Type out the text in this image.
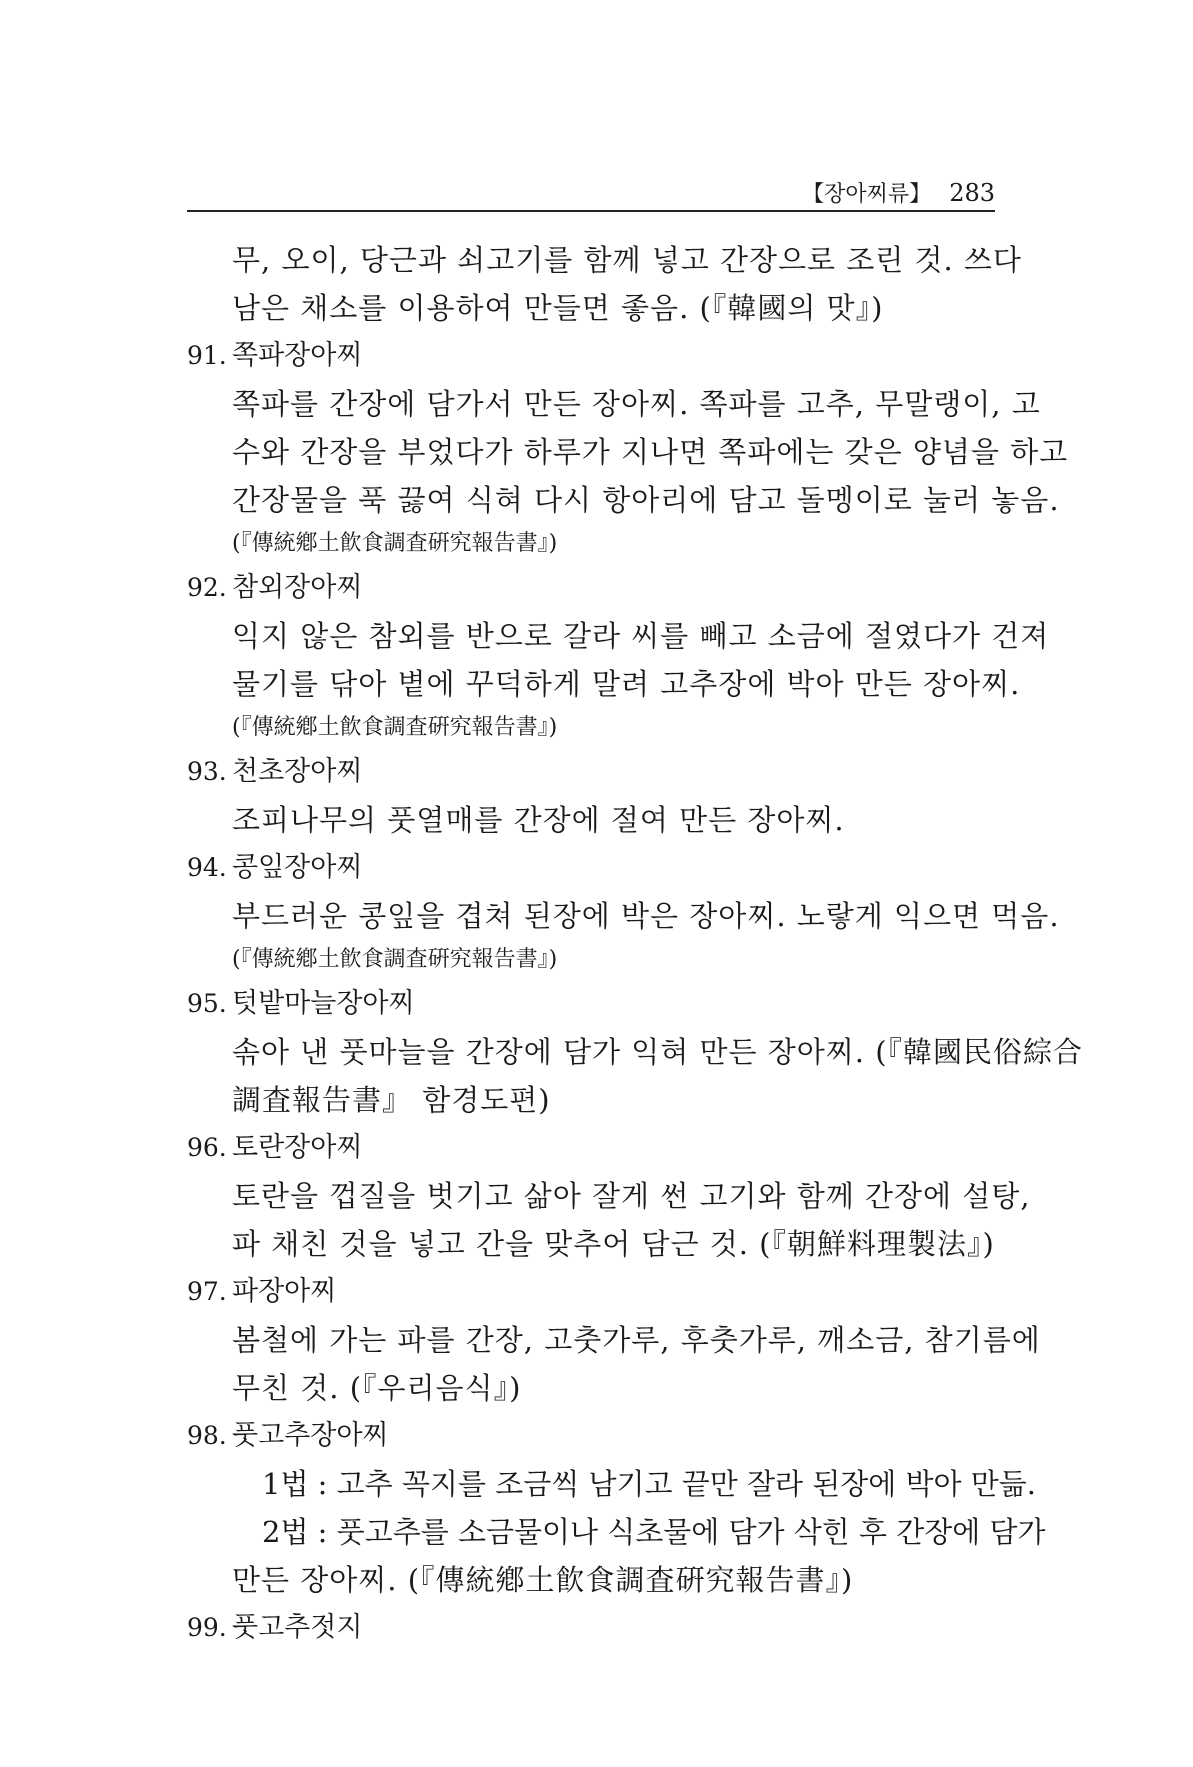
【장아찌류】 283
무, 오이, 당근과 쇠고기를 함께 넣고 간장으로 조린 것. 쓰다
남은 채소를 이용하여 만들면 좋음. (『韓國의 맛』)
91. 쪽파장아찌
쪽파를 간장에 담가서 만든 장아찌. 쪽파를 고추, 무말랭이, 고
수와 간장을 부었다가 하루가 지나면 쪽파에는 갖은 양념을 하고
간장물을 푹 끓여 식혀 다시 항아리에 담고 돌멩이로 눌러 놓음.
(『傳統鄕土飮食調査硏究報告書』)
92. 참외장아찌
익지 않은 참외를 반으로 갈라 씨를 빼고 소금에 절였다가 건져
물기를 닦아 볕에 꾸덕하게 말려 고추장에 박아 만든 장아찌.
(『傳統鄕土飮食調査硏究報告書』)
93. 천초장아찌
조피나무의 풋열매를 간장에 절여 만든 장아찌.
94. 콩잎장아찌
부드러운 콩잎을 겹쳐 된장에 박은 장아찌. 노랗게 익으면 먹음.
(『傳統鄕土飮食調査硏究報告書』)
95. 텃밭마늘장아찌
솎아 낸 풋마늘을 간장에 담가 익혀 만든 장아찌. (『韓國民俗綜合
調査報告書』 함경도편)
96. 토란장아찌
토란을 껍질을 벗기고 삶아 잘게 썬 고기와 함께 간장에 설탕,
파 채친 것을 넣고 간을 맞추어 담근 것. (『朝鮮料理製法』)
97. 파장아찌
봄철에 가는 파를 간장, 고춧가루, 후춧가루, 깨소금, 참기름에
무친 것. (『우리음식』)
98. 풋고추장아찌
1법 : 고추 꼭지를 조금씩 남기고 끝만 잘라 된장에 박아 만듦.
2법 : 풋고추를 소금물이나 식초물에 담가 삭힌 후 간장에 담가
만든 장아찌. (『傳統鄕土飮食調査硏究報告書』)
99. 풋고추젓지
